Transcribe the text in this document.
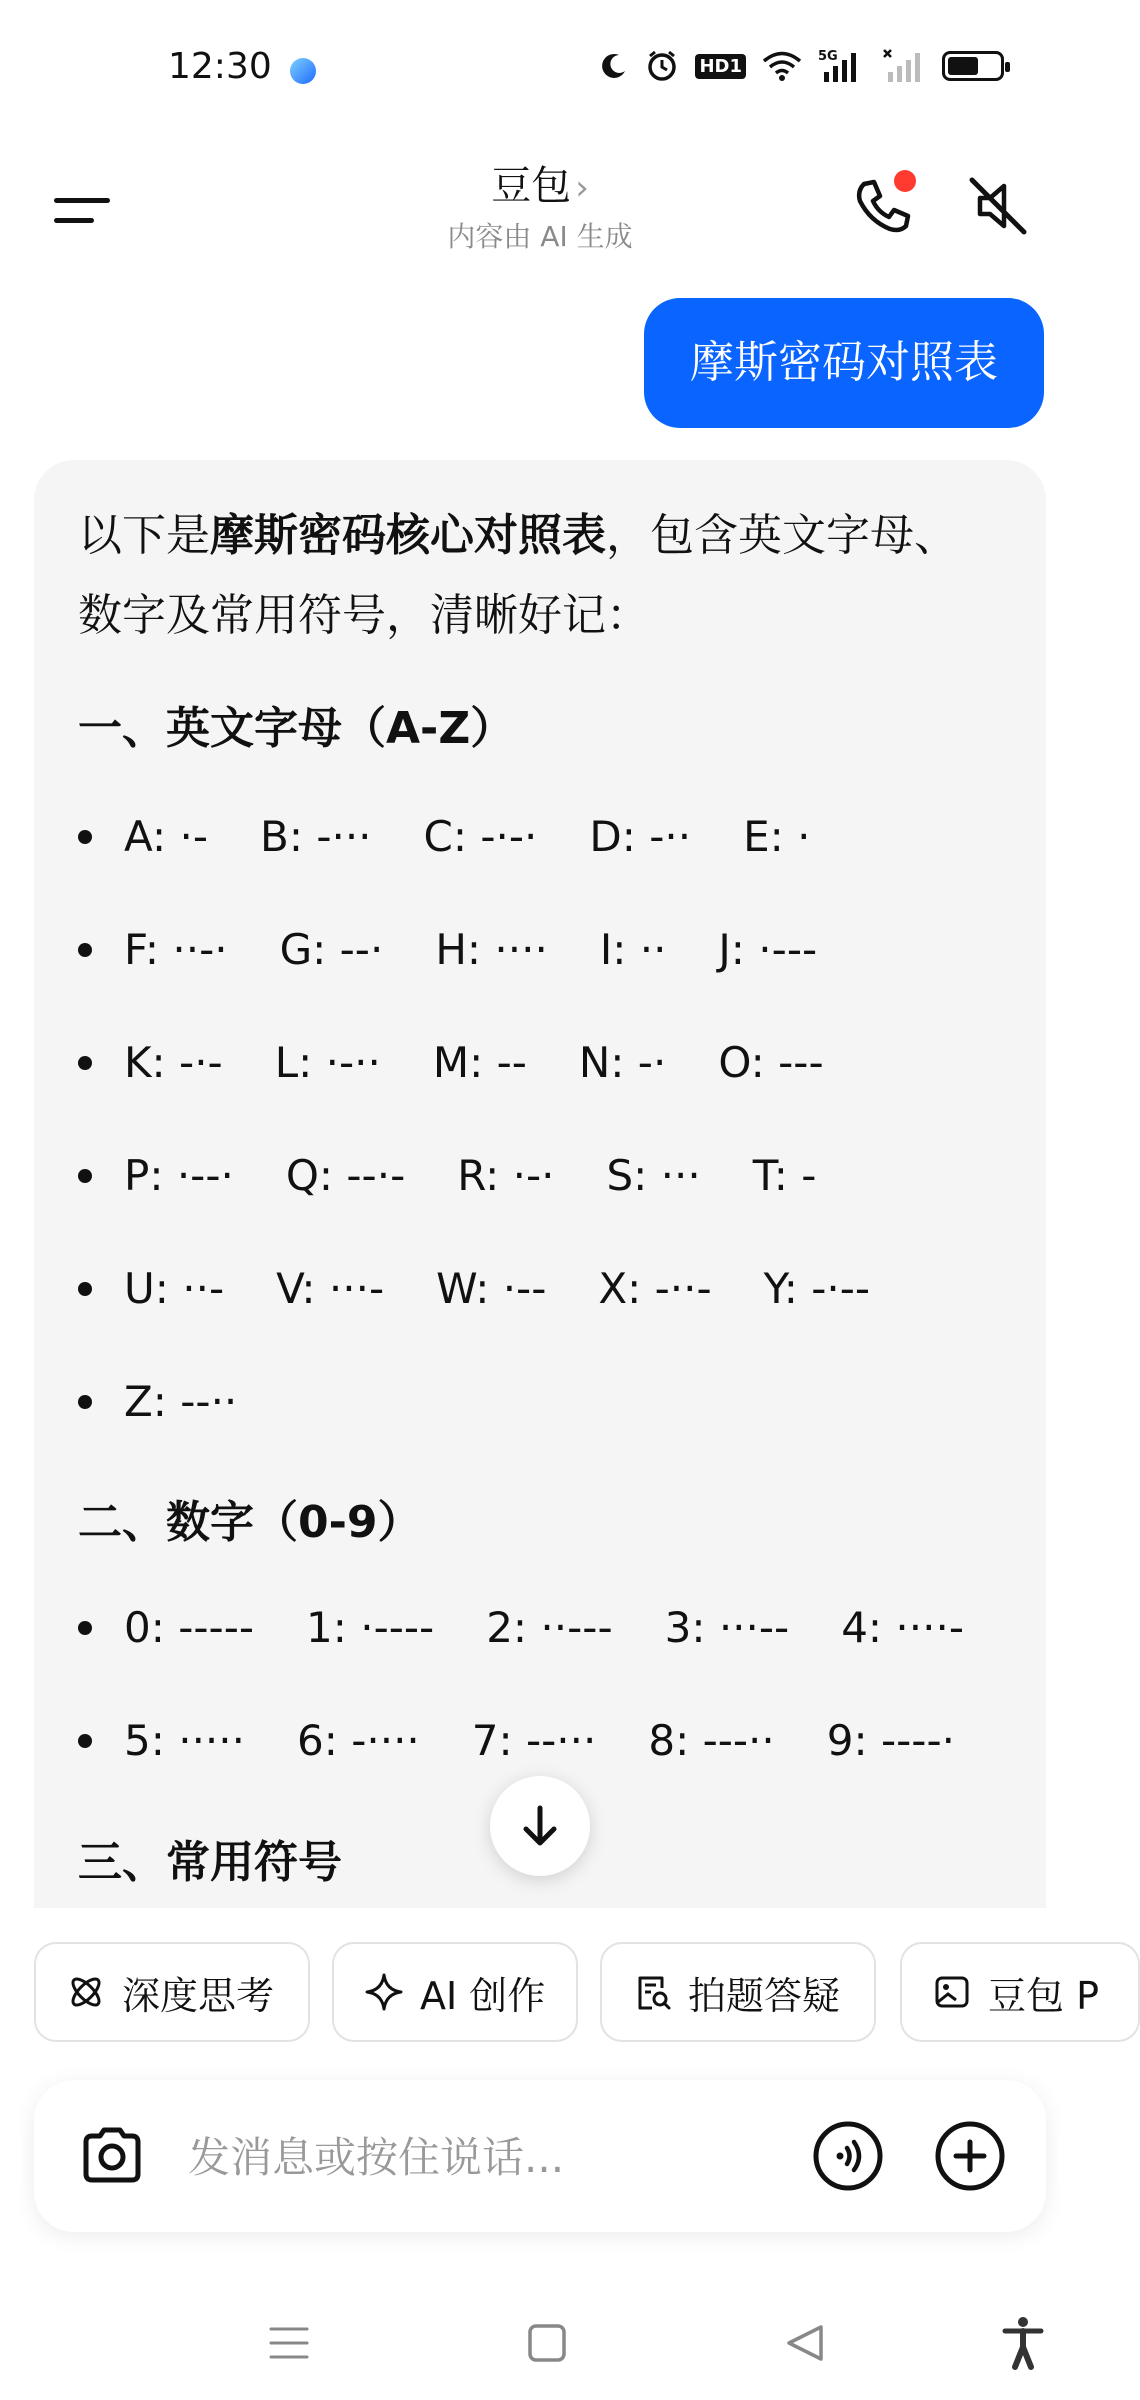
12:30	HD1	5G
豆包 ›
内容由 AI 生成
摩斯密码对照表
以下是摩斯密码核心对照表，包含英文字母、数字及常用符号，清晰好记：
一、英文字母（A-Z）
A: ·- B: -··· C: -·-· D: -·· E: ·
F: ··-· G: --· H: ···· I: ·· J: ·---
K: -·- L: ·-·· M: -- N: -· O: ---
P: ·--· Q: --·- R: ·-· S: ··· T: -
U: ··- V: ···- W: ·-- X: -··- Y: -·--
Z: --··
二、数字（0-9）
0: ----- 1: ·---- 2: ··--- 3: ···-- 4: ····-
5: ····· 6: -···· 7: --··· 8: ---·· 9: ----·
三、常用符号
深度思考	AI 创作	拍题答疑	豆包 P
发消息或按住说话...
